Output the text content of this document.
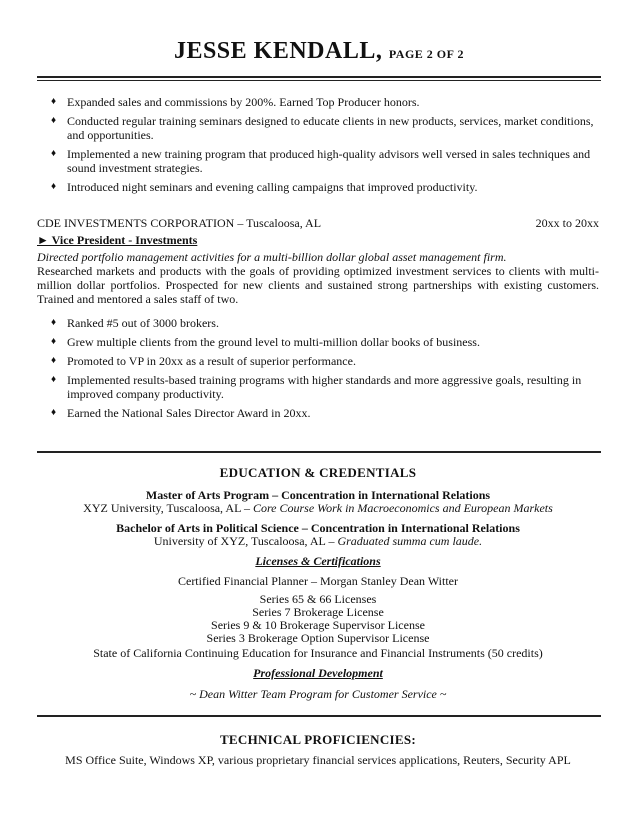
JESSE KENDALL, PAGE 2 OF 2
♦ Expanded sales and commissions by 200%. Earned Top Producer honors.
♦ Conducted regular training seminars designed to educate clients in new products, services, market conditions, and opportunities.
♦ Implemented a new training program that produced high-quality advisors well versed in sales techniques and sound investment strategies.
♦ Introduced night seminars and evening calling campaigns that improved productivity.
CDE INVESTMENTS CORPORATION – Tuscaloosa, AL	20xx to 20xx
► Vice President - Investments
Directed portfolio management activities for a multi-billion dollar global asset management firm.
Researched markets and products with the goals of providing optimized investment services to clients with multi-million dollar portfolios. Prospected for new clients and sustained strong partnerships with existing customers. Trained and mentored a sales staff of two.
♦ Ranked #5 out of 3000 brokers.
♦ Grew multiple clients from the ground level to multi-million dollar books of business.
♦ Promoted to VP in 20xx as a result of superior performance.
♦ Implemented results-based training programs with higher standards and more aggressive goals, resulting in improved company productivity.
♦ Earned the National Sales Director Award in 20xx.
EDUCATION & CREDENTIALS
Master of Arts Program – Concentration in International Relations
XYZ University, Tuscaloosa, AL – Core Course Work in Macroeconomics and European Markets
Bachelor of Arts in Political Science – Concentration in International Relations
University of XYZ, Tuscaloosa, AL – Graduated summa cum laude.
Licenses & Certifications
Certified Financial Planner – Morgan Stanley Dean Witter
Series 65 & 66 Licenses
Series 7 Brokerage License
Series 9 & 10 Brokerage Supervisor License
Series 3 Brokerage Option Supervisor License
State of California Continuing Education for Insurance and Financial Instruments (50 credits)
Professional Development
~ Dean Witter Team Program for Customer Service ~
TECHNICAL PROFICIENCIES:
MS Office Suite, Windows XP, various proprietary financial services applications, Reuters, Security APL
